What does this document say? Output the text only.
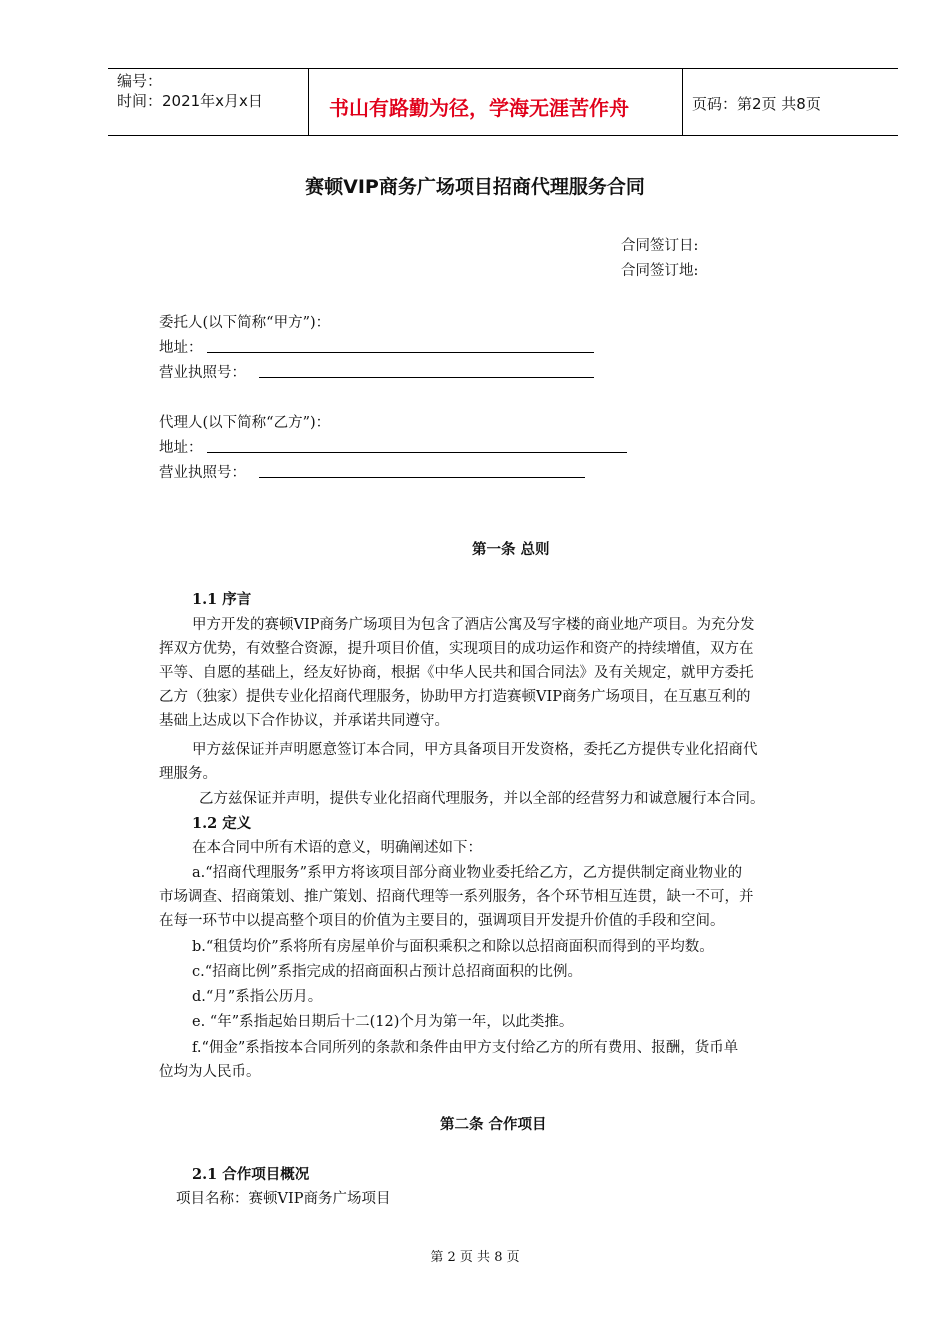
编号：
时间：2021年x月x日	书山有路勤为径，学海无涯苦作舟	页码：第2页 共8页
赛顿VIP商务广场项目招商代理服务合同
合同签订日:
合同签订地:
委托人(以下简称“甲方”)：
地址：
营业执照号：
代理人(以下简称“乙方”)：
地址：
营业执照号：
第一条 总则
1.1 序言
甲方开发的赛顿VIP商务广场项目为包含了酒店公寓及写字楼的商业地产项目。为充分发
挥双方优势，有效整合资源，提升项目价值，实现项目的成功运作和资产的持续增值，双方在
平等、自愿的基础上，经友好协商，根据《中华人民共和国合同法》及有关规定，就甲方委托
乙方（独家）提供专业化招商代理服务，协助甲方打造赛顿VIP商务广场项目，在互惠互利的
基础上达成以下合作协议，并承诺共同遵守。
甲方兹保证并声明愿意签订本合同，甲方具备项目开发资格，委托乙方提供专业化招商代
理服务。
乙方兹保证并声明，提供专业化招商代理服务，并以全部的经营努力和诚意履行本合同。
1.2 定义
在本合同中所有术语的意义，明确阐述如下：
a.“招商代理服务”系甲方将该项目部分商业物业委托给乙方，乙方提供制定商业物业的
市场调查、招商策划、推广策划、招商代理等一系列服务，各个环节相互连贯，缺一不可，并
在每一环节中以提高整个项目的价值为主要目的，强调项目开发提升价值的手段和空间。
b.“租赁均价”系将所有房屋单价与面积乘积之和除以总招商面积而得到的平均数。
c.“招商比例”系指完成的招商面积占预计总招商面积的比例。
d.“月”系指公历月。
e. “年”系指起始日期后十二(12)个月为第一年，以此类推。
f.“佣金”系指按本合同所列的条款和条件由甲方支付给乙方的所有费用、报酬，货币单
位均为人民币。
第二条 合作项目
2.1 合作项目概况
项目名称：赛顿VIP商务广场项目
第 2 页 共 8 页
